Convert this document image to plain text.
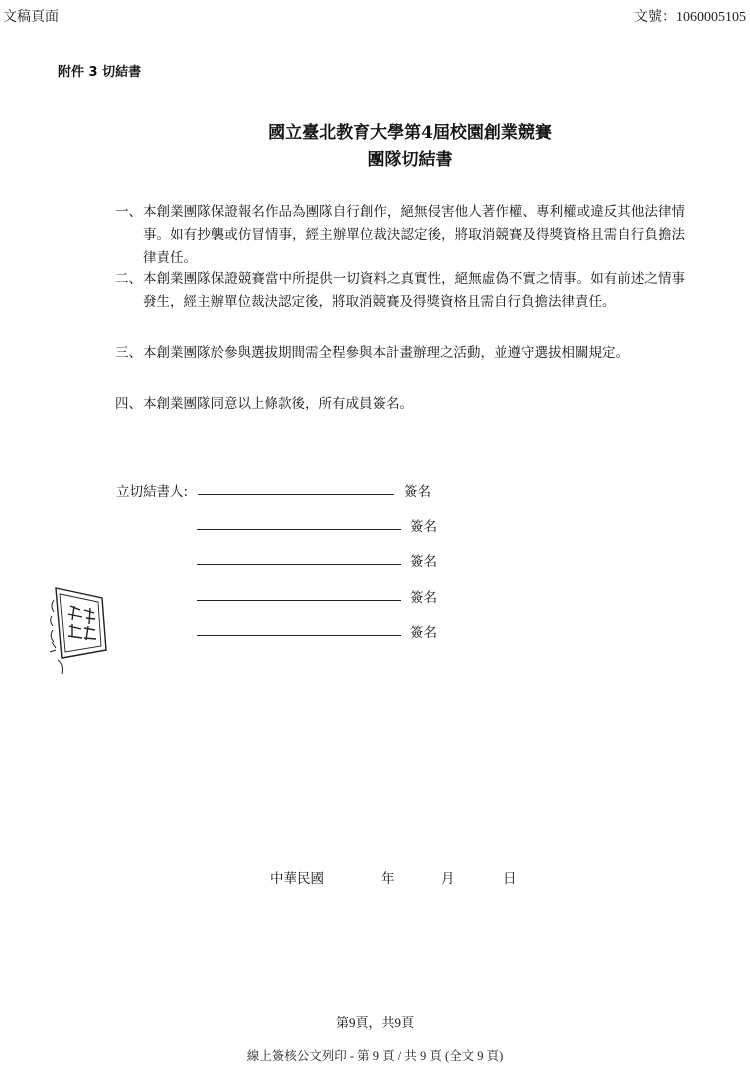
文稿頁面	文號：1060005105
附件 3 切結書
國立臺北教育大學第4屆校園創業競賽
團隊切結書
一、 本創業團隊保證報名作品為團隊自行創作，絕無侵害他人著作權、專利權或違反其他法律情事。如有抄襲或仿冒情事，經主辦單位裁決認定後，將取消競賽及得獎資格且需自行負擔法律責任。
二、 本創業團隊保證競賽當中所提供一切資料之真實性，絕無虛偽不實之情事。如有前述之情事發生，經主辦單位裁決認定後，將取消競賽及得獎資格且需自行負擔法律責任。
三、 本創業團隊於參與選拔期間需全程參與本計畫辦理之活動，並遵守選拔相關規定。
四、 本創業團隊同意以上條款後，所有成員簽名。
立切結書人:	簽名
簽名
簽名
簽名
簽名
中華民國	年	月	日
第9頁，共9頁
線上簽核公文列印 - 第 9 頁 / 共 9 頁 (全文 9 頁)
